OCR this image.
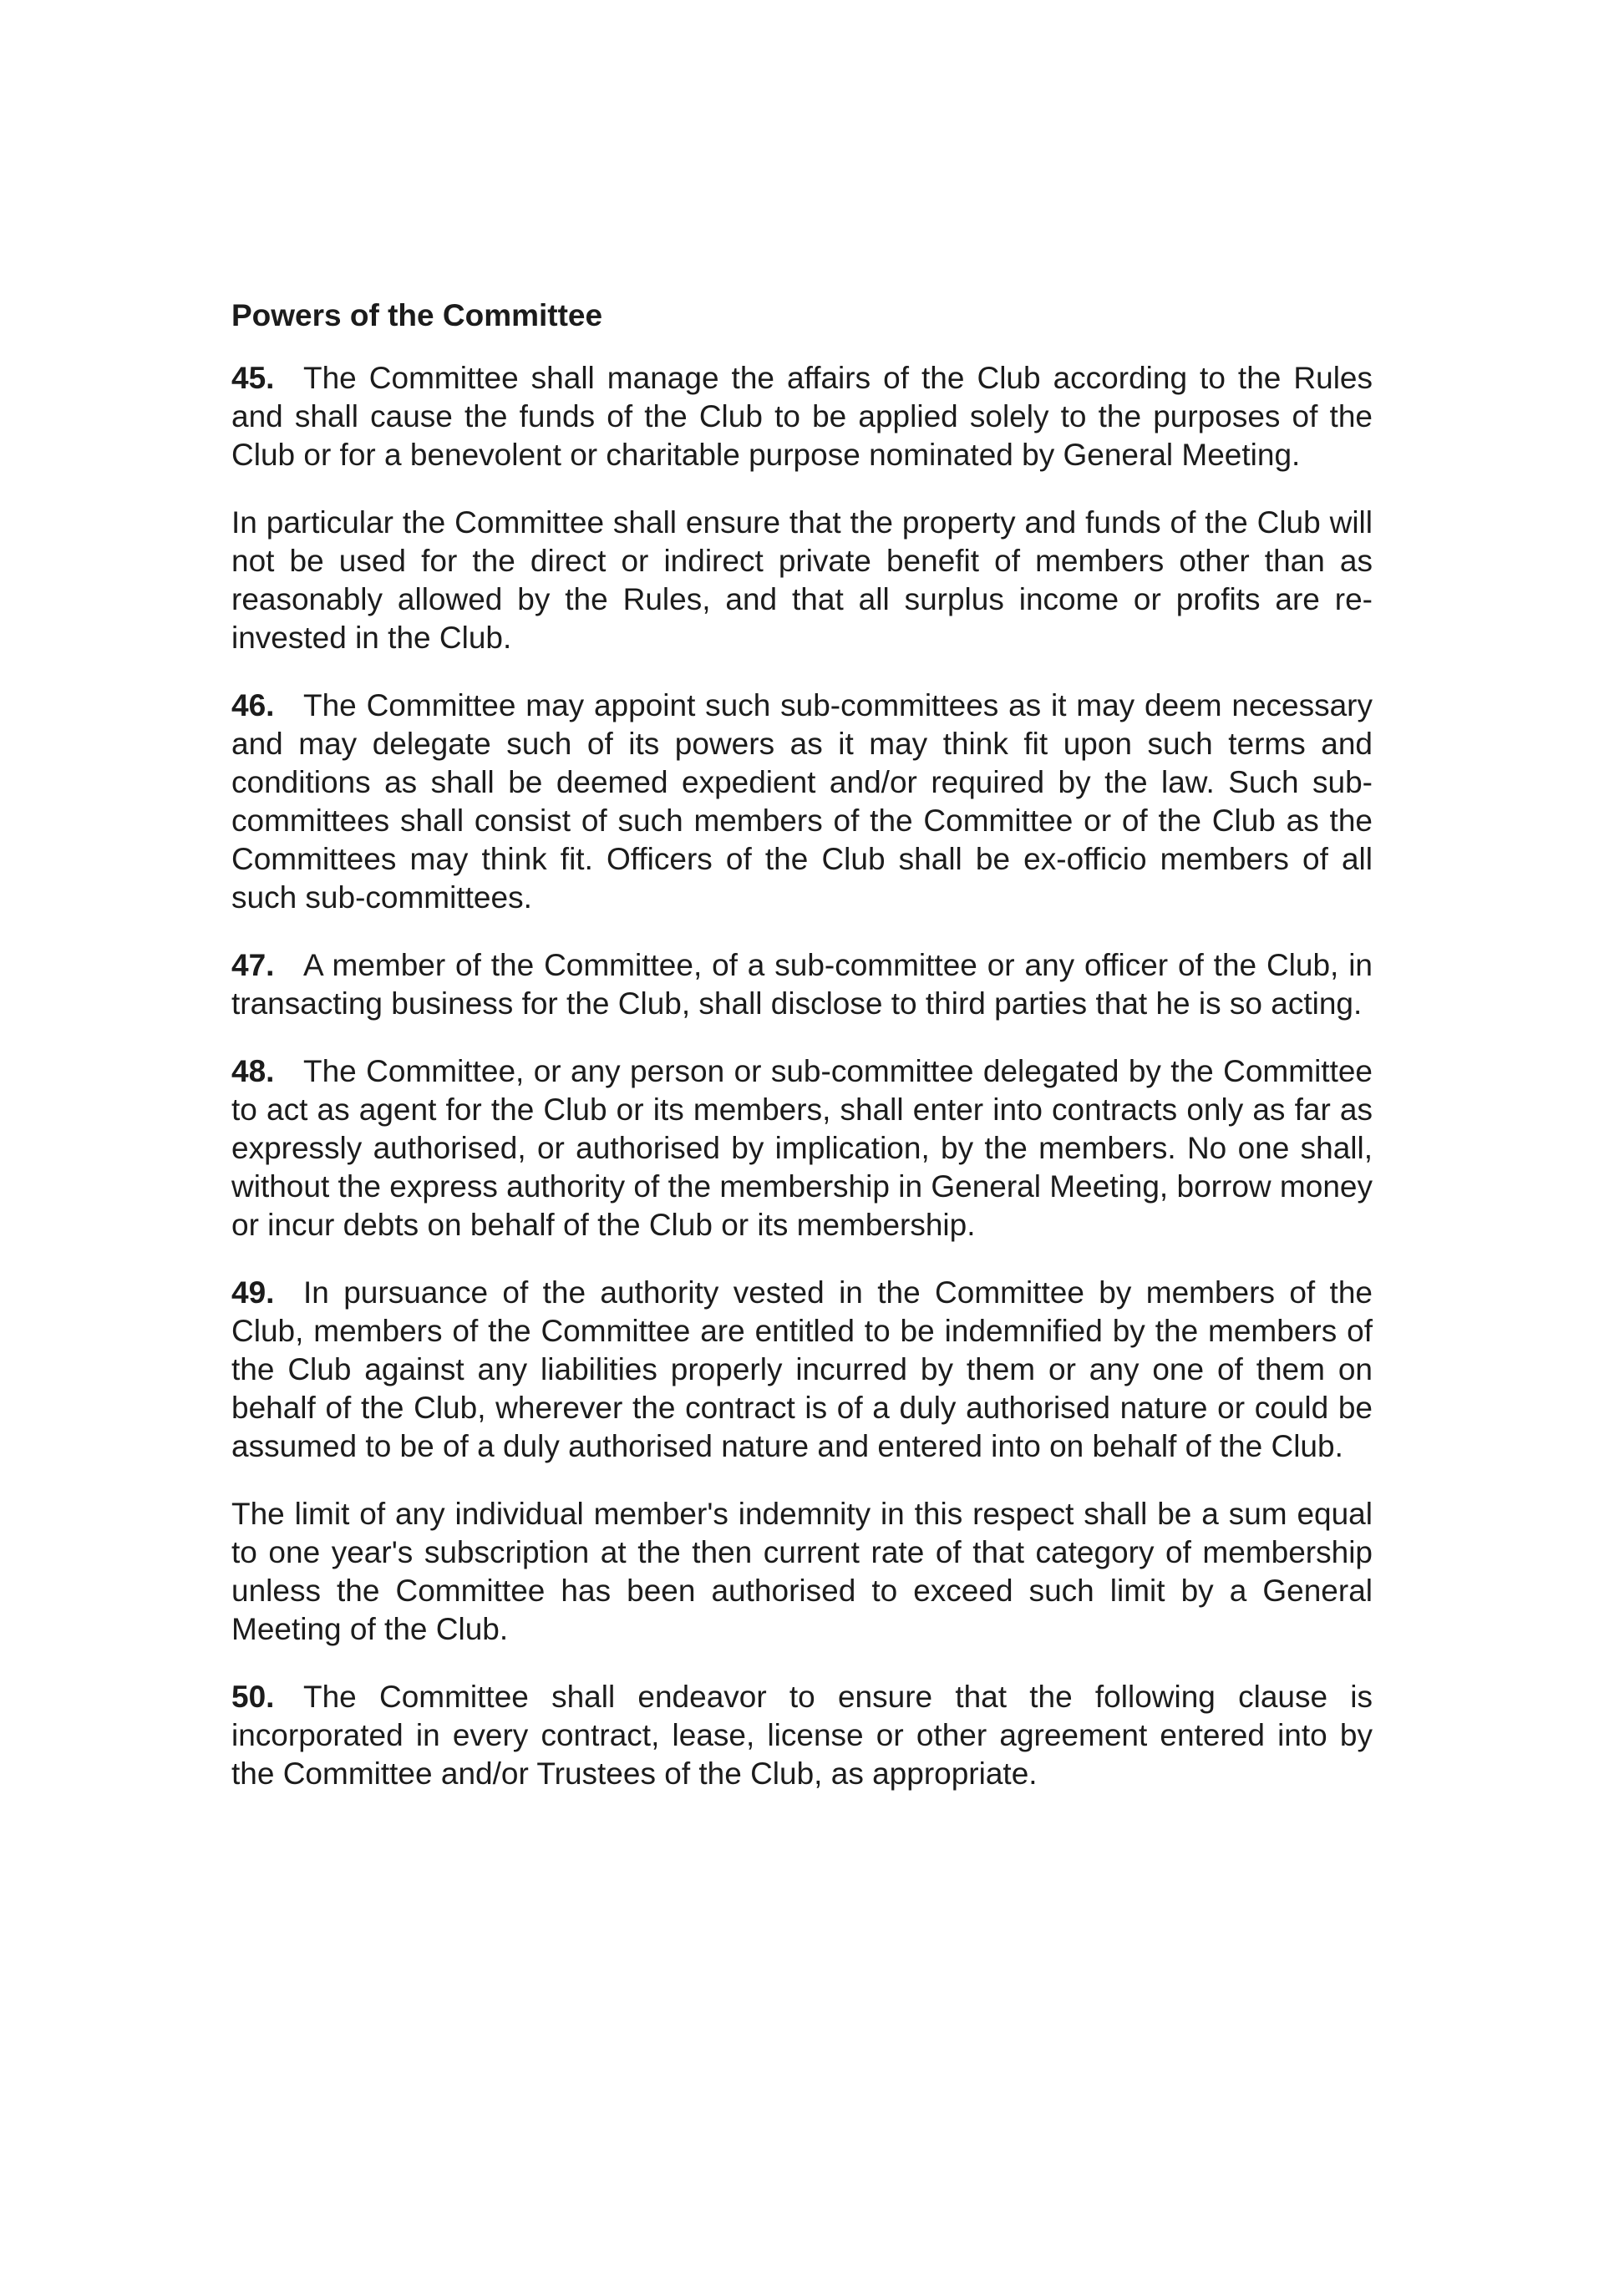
Powers of the Committee

45. The Committee shall manage the affairs of the Club according to the Rules and shall cause the funds of the Club to be applied solely to the purposes of the Club or for a benevolent or charitable purpose nominated by General Meeting.

In particular the Committee shall ensure that the property and funds of the Club will not be used for the direct or indirect private benefit of members other than as reasonably allowed by the Rules, and that all surplus income or profits are re-invested in the Club.

46. The Committee may appoint such sub-committees as it may deem necessary and may delegate such of its powers as it may think fit upon such terms and conditions as shall be deemed expedient and/or required by the law. Such sub-committees shall consist of such members of the Committee or of the Club as the Committees may think fit. Officers of the Club shall be ex-officio members of all such sub-committees.

47. A member of the Committee, of a sub-committee or any officer of the Club, in transacting business for the Club, shall disclose to third parties that he is so acting.

48. The Committee, or any person or sub-committee delegated by the Committee to act as agent for the Club or its members, shall enter into contracts only as far as expressly authorised, or authorised by implication, by the members. No one shall, without the express authority of the membership in General Meeting, borrow money or incur debts on behalf of the Club or its membership.

49. In pursuance of the authority vested in the Committee by members of the Club, members of the Committee are entitled to be indemnified by the members of the Club against any liabilities properly incurred by them or any one of them on behalf of the Club, wherever the contract is of a duly authorised nature or could be assumed to be of a duly authorised nature and entered into on behalf of the Club.

The limit of any individual member's indemnity in this respect shall be a sum equal to one year's subscription at the then current rate of that category of membership unless the Committee has been authorised to exceed such limit by a General Meeting of the Club.

50. The Committee shall endeavor to ensure that the following clause is incorporated in every contract, lease, license or other agreement entered into by the Committee and/or Trustees of the Club, as appropriate.
